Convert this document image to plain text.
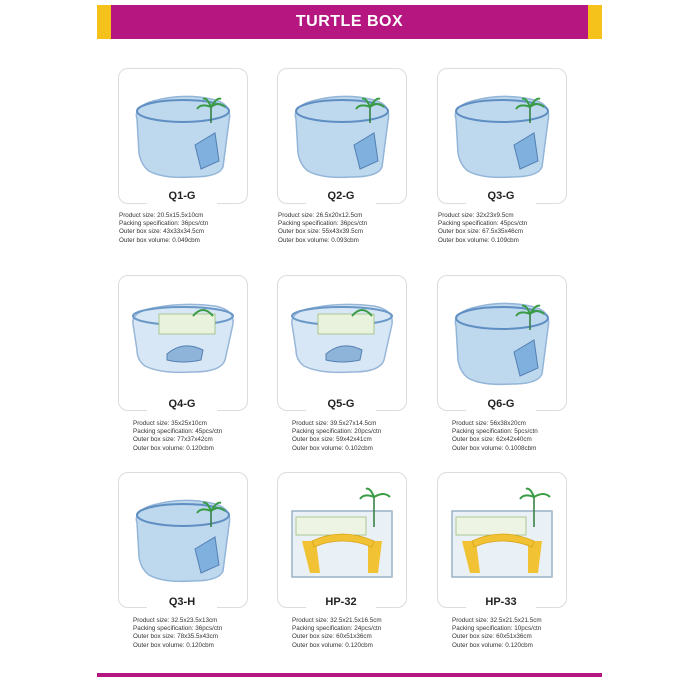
TURTLE BOX
Q1-G
Product size: 20.5x15.5x10cm
Packing specification: 36pcs/ctn
Outer box size: 43x33x34.5cm
Outer box volume: 0.049cbm
Q2-G
Product size: 26.5x20x12.5cm
Packing specification: 36pcs/ctn
Outer box size: 55x43x39.5cm
Outer box volume: 0.093cbm
Q3-G
Product size: 32x23x9.5cm
Packing specification: 45pcs/ctn
Outer box size: 67.5x35x46cm
Outer box volume: 0.109cbm
Q4-G
Product size: 35x25x10cm
Packing specification: 45pcs/ctn
Outer box size: 77x37x42cm
Outer box volume: 0.120cbm
Q5-G
Product size: 39.5x27x14.5cm
Packing specification: 20pcs/ctn
Outer box size: 59x42x41cm
Outer box volume: 0.102cbm
Q6-G
Product size: 56x38x20cm
Packing specification: 5pcs/ctn
Outer box size: 62x42x40cm
Outer box volume: 0.1008cbm
Q3-H
Product size: 32.5x23.5x13cm
Packing specification: 36pcs/ctn
Outer box size: 78x35.5x43cm
Outer box volume: 0.120cbm
HP-32
Product size: 32.5x21.5x16.5cm
Packing specification: 24pcs/ctn
Outer box size: 60x51x36cm
Outer box volume: 0.120cbm
HP-33
Product size: 32.5x21.5x21.5cm
Packing specification: 10pcs/ctn
Outer box size: 60x51x36cm
Outer box volume: 0.120cbm
